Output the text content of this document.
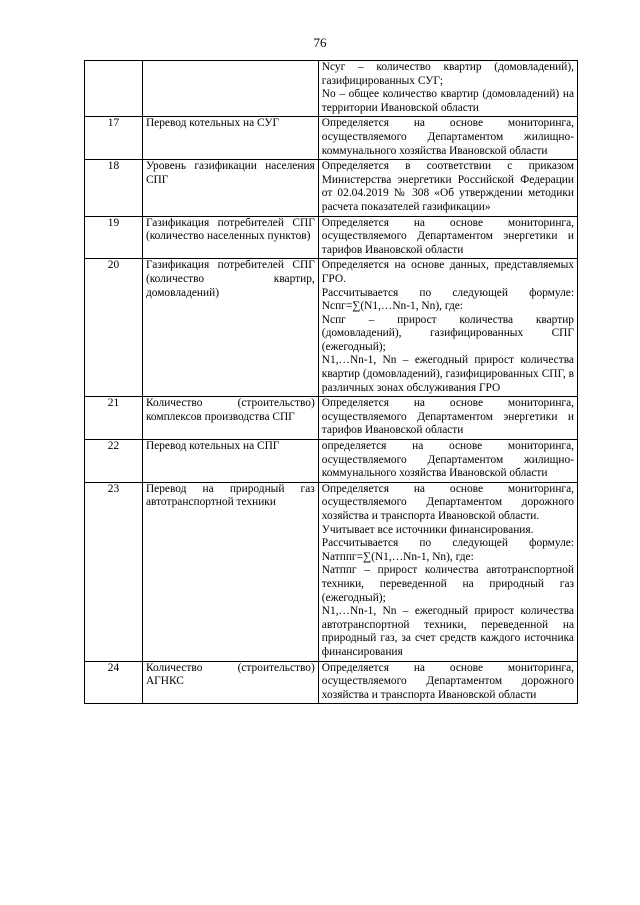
76

		Nсуг – количество квартир (домовладений), газифицированных СУГ;
Nо – общее количество квартир (домовладений) на территории Ивановской области

17	Перевод котельных на СУГ	Определяется на основе мониторинга, осуществляемого Департаментом жилищно-коммунального хозяйства Ивановской области

18	Уровень газификации населения СПГ	Определяется в соответствии с приказом Министерства энергетики Российской Федерации от 02.04.2019 № 308 «Об утверждении методики расчета показателей газификации»

19	Газификация потребителей СПГ (количество населенных пунктов)	Определяется на основе мониторинга, осуществляемого Департаментом энергетики и тарифов Ивановской области

20	Газификация потребителей СПГ (количество квартир, домовладений)	Определяется на основе данных, представляемых ГРО.
Рассчитывается по следующей формуле: Nспг=∑(N1,…Nn-1, Nn), где:
Nспг – прирост количества квартир (домовладений), газифицированных СПГ (ежегодный);
N1,…Nn-1, Nn – ежегодный прирост количества квартир (домовладений), газифицированных СПГ, в различных зонах обслуживания ГРО

21	Количество (строительство) комплексов производства СПГ	Определяется на основе мониторинга, осуществляемого Департаментом энергетики и тарифов Ивановской области

22	Перевод котельных на СПГ	определяется на основе мониторинга, осуществляемого Департаментом жилищно-коммунального хозяйства Ивановской области

23	Перевод на природный газ автотранспортной техники	Определяется на основе мониторинга, осуществляемого Департаментом дорожного хозяйства и транспорта Ивановской области.
Учитывает все источники финансирования.
Рассчитывается по следующей формуле: Nатппг=∑(N1,…Nn-1, Nn), где:
Nатппг – прирост количества автотранспортной техники, переведенной на природный газ (ежегодный);
N1,…Nn-1, Nn – ежегодный прирост количества автотранспортной техники, переведенной на природный газ, за счет средств каждого источника финансирования

24	Количество (строительство) АГНКС	Определяется на основе мониторинга, осуществляемого Департаментом дорожного хозяйства и транспорта Ивановской области
